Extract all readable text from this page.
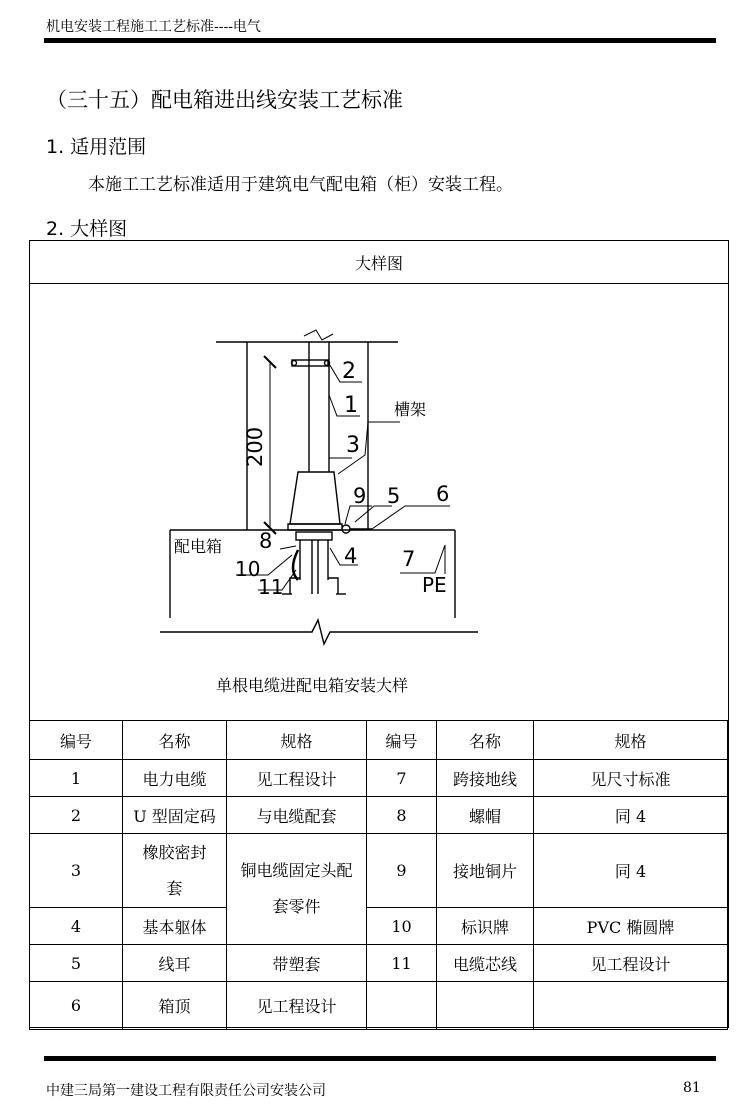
机电安装工程施工工艺标准----电气
（三十五）配电箱进出线安装工艺标准
1. 适用范围
本施工工艺标准适用于建筑电气配电箱（柜）安装工程。
2. 大样图
大样图
200
2
1
3
9 5 6
8
4 7
10
11	PE
槽架
配电箱
单根电缆进配电箱安装大样
编号	名称	规格	编号	名称	规格
1	电力电缆	见工程设计	7	跨接地线	见尺寸标准
2	U 型固定码	与电缆配套	8	螺帽	同 4
3	橡胶密封套	铜电缆固定头配套零件	9	接地铜片	同 4
4	基本躯体		10	标识牌	PVC 椭圆牌
5	线耳	带塑套	11	电缆芯线	见工程设计
6	箱顶	见工程设计			
中建三局第一建设工程有限责任公司安装公司	81
